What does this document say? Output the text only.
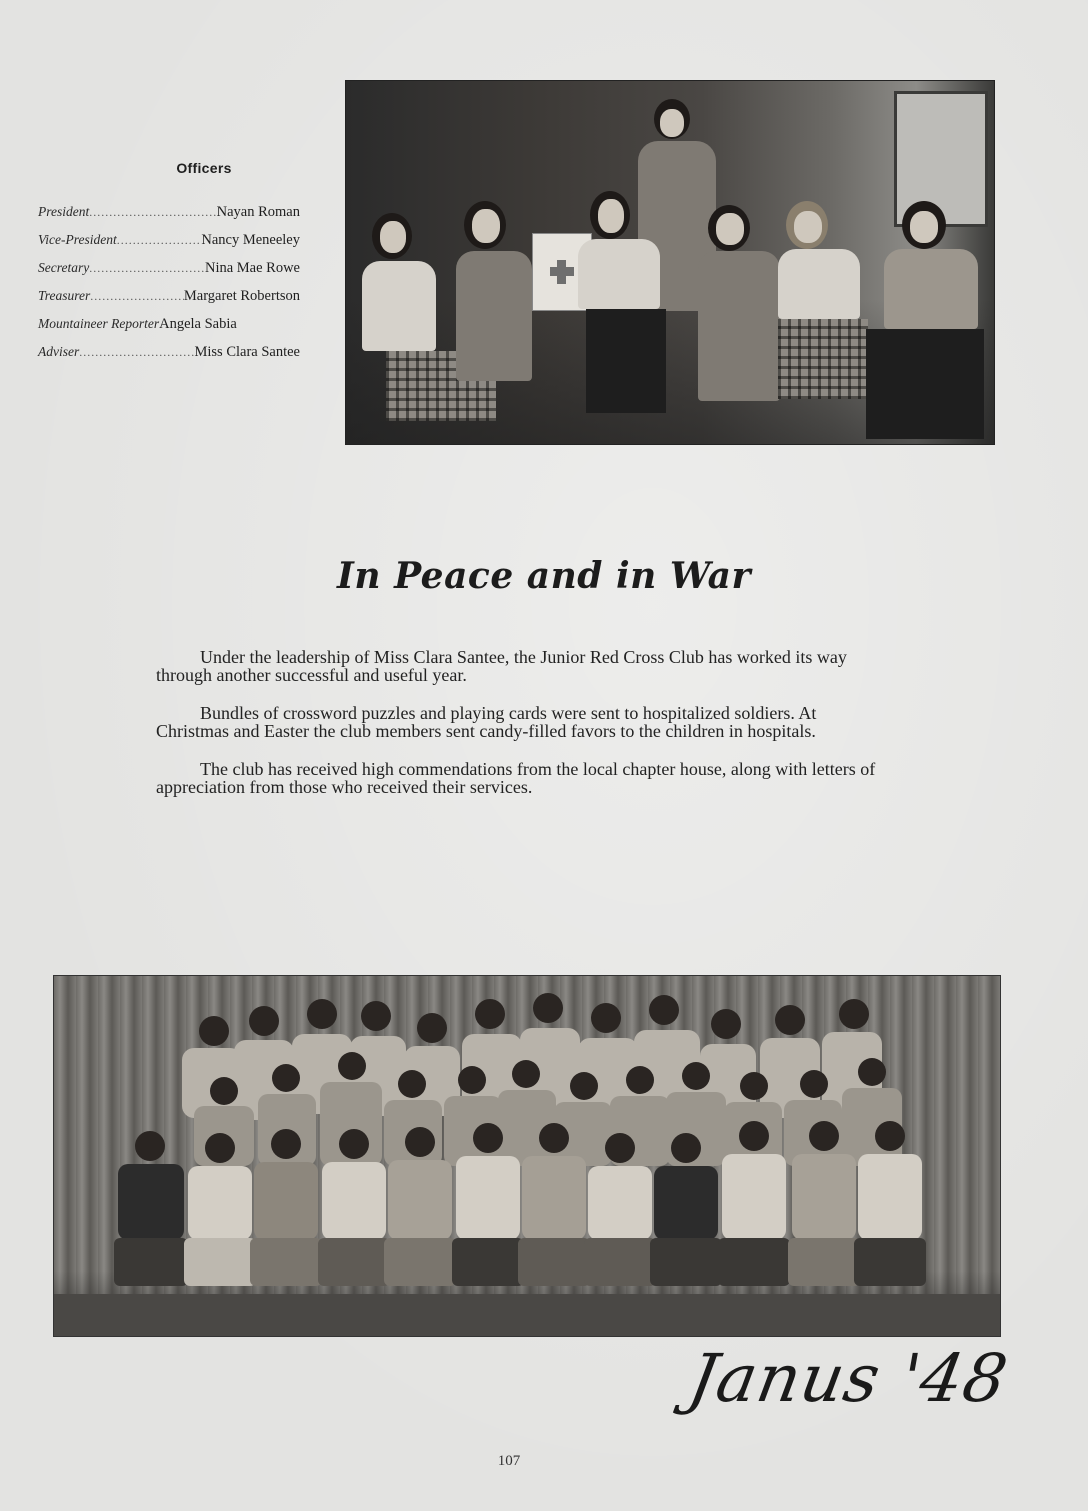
Officers
President .....	Nayan Roman
Vice-President .....	Nancy Meneeley
Secretary .....	Nina Mae Rowe
Treasurer .....	Margaret Robertson
Mountaineer Reporter Angela Sabia
Adviser .....	Miss Clara Santee
In Peace and in War

Under the leadership of Miss Clara Santee, the Junior Red Cross Club has worked its way through another successful and useful year.

Bundles of crossword puzzles and playing cards were sent to hospitalized soldiers. At Christmas and Easter the club members sent candy-filled favors to the children in hospitals.

The club has received high commendations from the local chapter house, along with letters of appreciation from those who received their services.

Janus '48
107
